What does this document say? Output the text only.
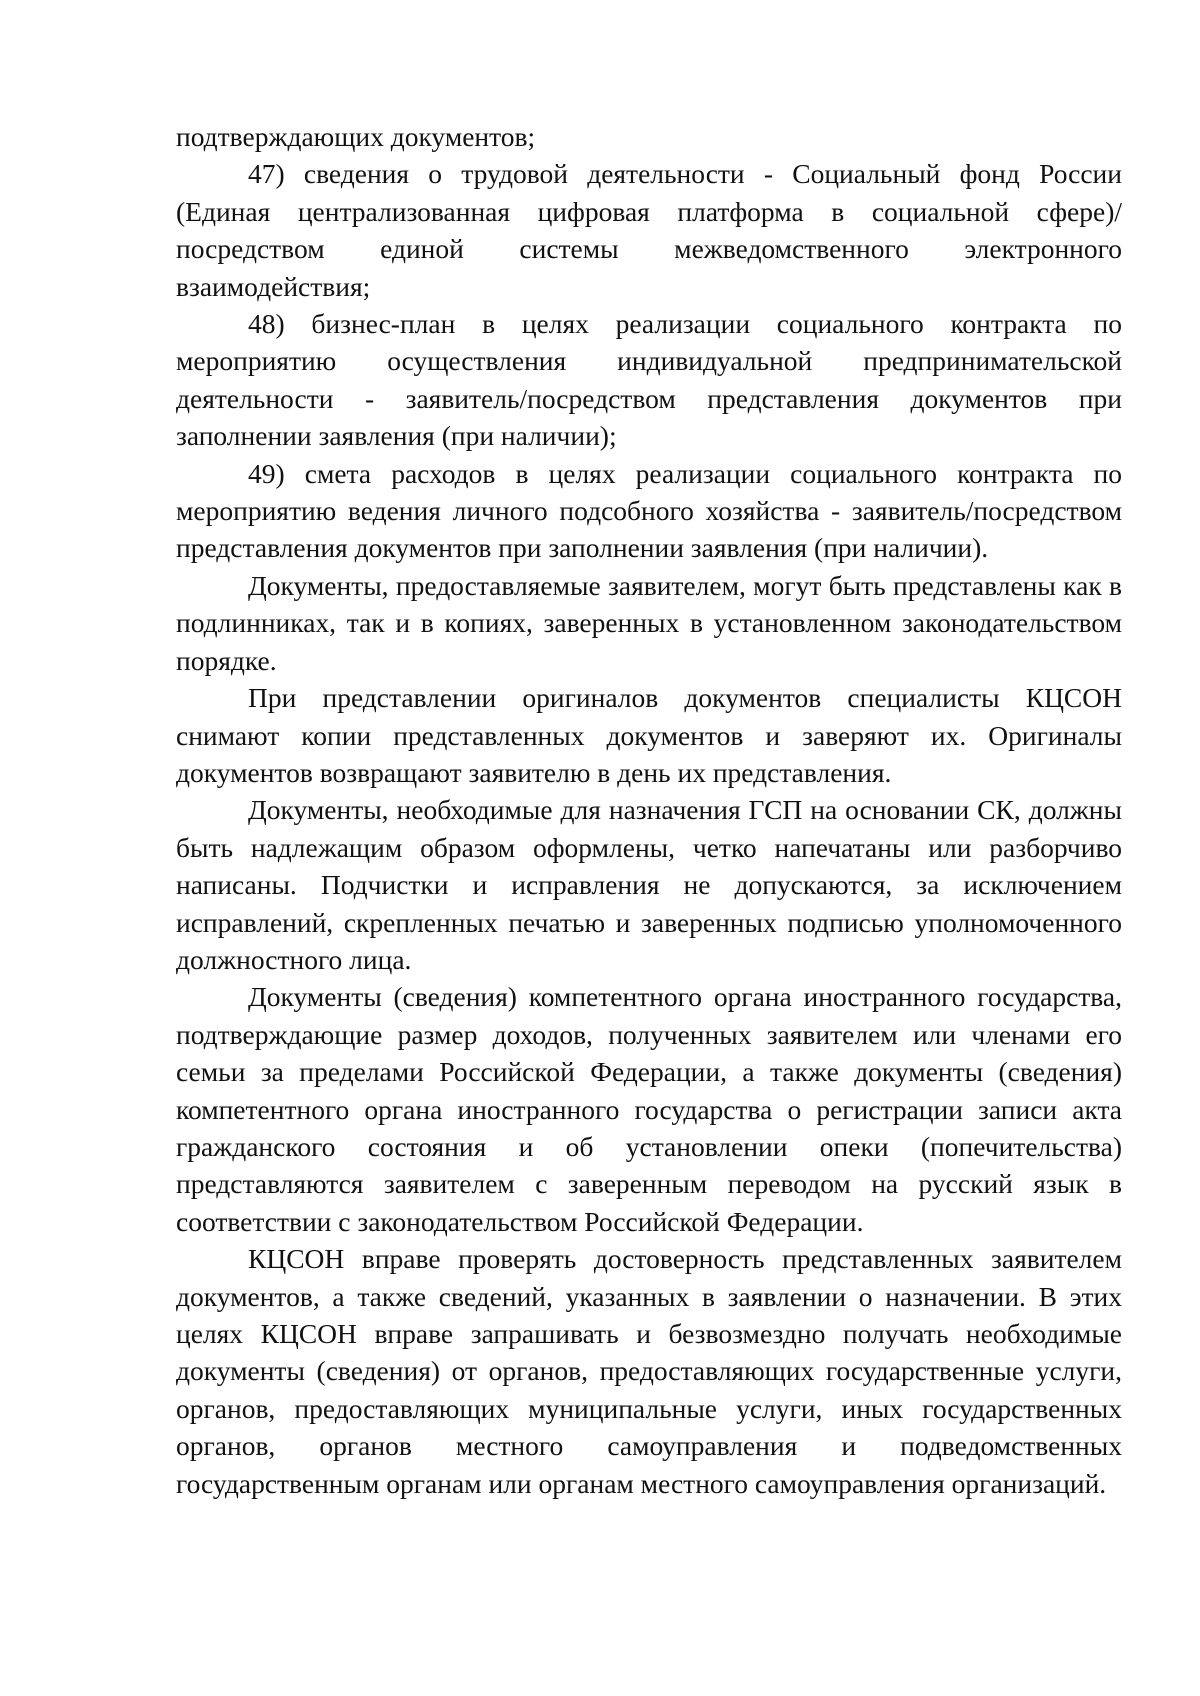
подтверждающих документов;

47) сведения о трудовой деятельности - Социальный фонд России (Единая централизованная цифровая платформа в социальной сфере)/посредством единой системы межведомственного электронного взаимодействия;

48) бизнес-план в целях реализации социального контракта по мероприятию осуществления индивидуальной предпринимательской деятельности - заявитель/посредством представления документов при заполнении заявления (при наличии);

49) смета расходов в целях реализации социального контракта по мероприятию ведения личного подсобного хозяйства - заявитель/посредством представления документов при заполнении заявления (при наличии).

Документы, предоставляемые заявителем, могут быть представлены как в подлинниках, так и в копиях, заверенных в установленном законодательством порядке.

При представлении оригиналов документов специалисты КЦСОН снимают копии представленных документов и заверяют их. Оригиналы документов возвращают заявителю в день их представления.

Документы, необходимые для назначения ГСП на основании СК, должны быть надлежащим образом оформлены, четко напечатаны или разборчиво написаны. Подчистки и исправления не допускаются, за исключением исправлений, скрепленных печатью и заверенных подписью уполномоченного должностного лица.

Документы (сведения) компетентного органа иностранного государства, подтверждающие размер доходов, полученных заявителем или членами его семьи за пределами Российской Федерации, а также документы (сведения) компетентного органа иностранного государства о регистрации записи акта гражданского состояния и об установлении опеки (попечительства) представляются заявителем с заверенным переводом на русский язык в соответствии с законодательством Российской Федерации.

КЦСОН вправе проверять достоверность представленных заявителем документов, а также сведений, указанных в заявлении о назначении. В этих целях КЦСОН вправе запрашивать и безвозмездно получать необходимые документы (сведения) от органов, предоставляющих государственные услуги, органов, предоставляющих муниципальные услуги, иных государственных органов, органов местного самоуправления и подведомственных государственным органам или органам местного самоуправления организаций.
